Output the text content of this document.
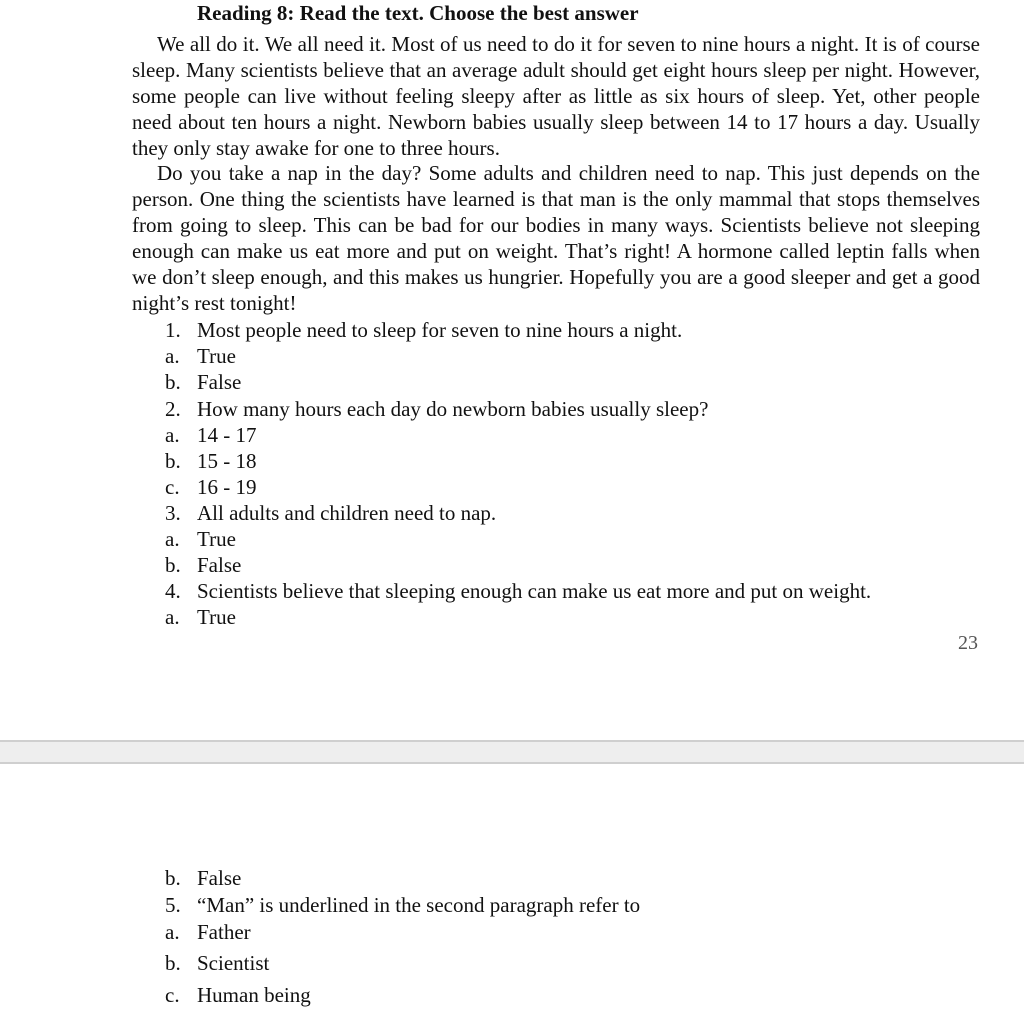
Reading 8: Read the text. Choose the best answer

We all do it. We all need it. Most of us need to do it for seven to nine hours a night. It is of course sleep. Many scientists believe that an average adult should get eight hours sleep per night. However, some people can live without feeling sleepy after as little as six hours of sleep. Yet, other people need about ten hours a night. Newborn babies usually sleep between 14 to 17 hours a day. Usually they only stay awake for one to three hours.

Do you take a nap in the day? Some adults and children need to nap. This just depends on the person. One thing the scientists have learned is that man is the only mammal that stops themselves from going to sleep. This can be bad for our bodies in many ways. Scientists believe not sleeping enough can make us eat more and put on weight. That’s right! A hormone called leptin falls when we don’t sleep enough, and this makes us hungrier. Hopefully you are a good sleeper and get a good night’s rest tonight!

1. Most people need to sleep for seven to nine hours a night.
a. True
b. False
2. How many hours each day do newborn babies usually sleep?
a. 14 - 17
b. 15 - 18
c. 16 - 19
3. All adults and children need to nap.
a. True
b. False
4. Scientists believe that sleeping enough can make us eat more and put on weight.
a. True
23
b. False
5. “Man” is underlined in the second paragraph refer to
a. Father
b. Scientist
c. Human being
